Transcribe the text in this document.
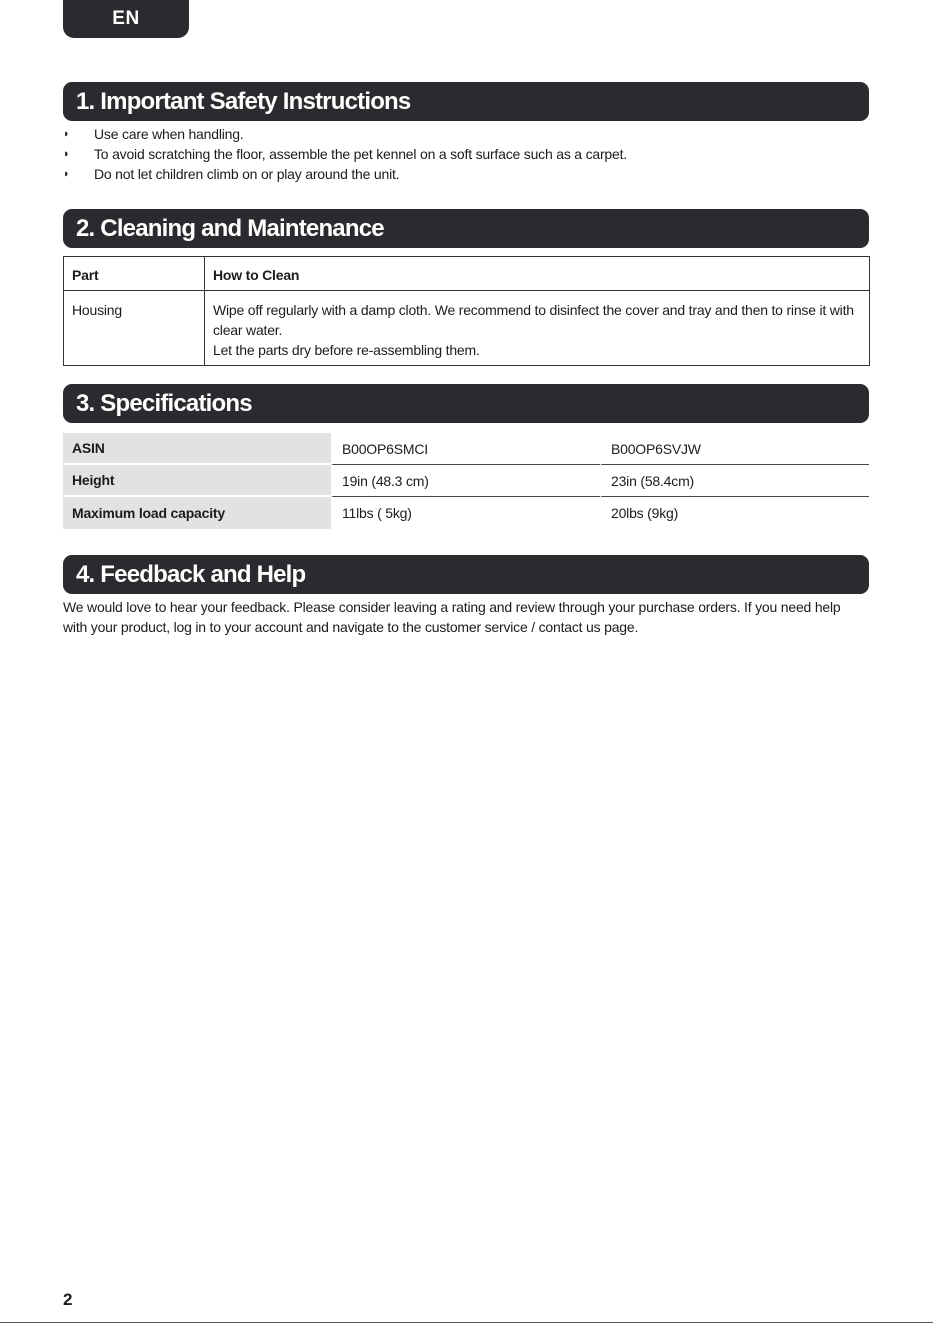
EN
1. Important Safety Instructions
◗ Use care when handling.
◗ To avoid scratching the floor, assemble the pet kennel on a soft surface such as a carpet.
◗ Do not let children climb on or play around the unit.
2. Cleaning and Maintenance
Part	How to Clean
Housing	Wipe off regularly with a damp cloth. We recommend to disinfect the cover and tray and then to rinse it with clear water.
Let the parts dry before re-assembling them.
3. Specifications
ASIN	B00OP6SMCI	B00OP6SVJW
Height	19in (48.3 cm)	23in (58.4cm)
Maximum load capacity	11lbs ( 5kg)	20lbs (9kg)
4. Feedback and Help

We would love to hear your feedback. Please consider leaving a rating and review through your purchase orders. If you need help with your product, log in to your account and navigate to the customer service / contact us page.

2
